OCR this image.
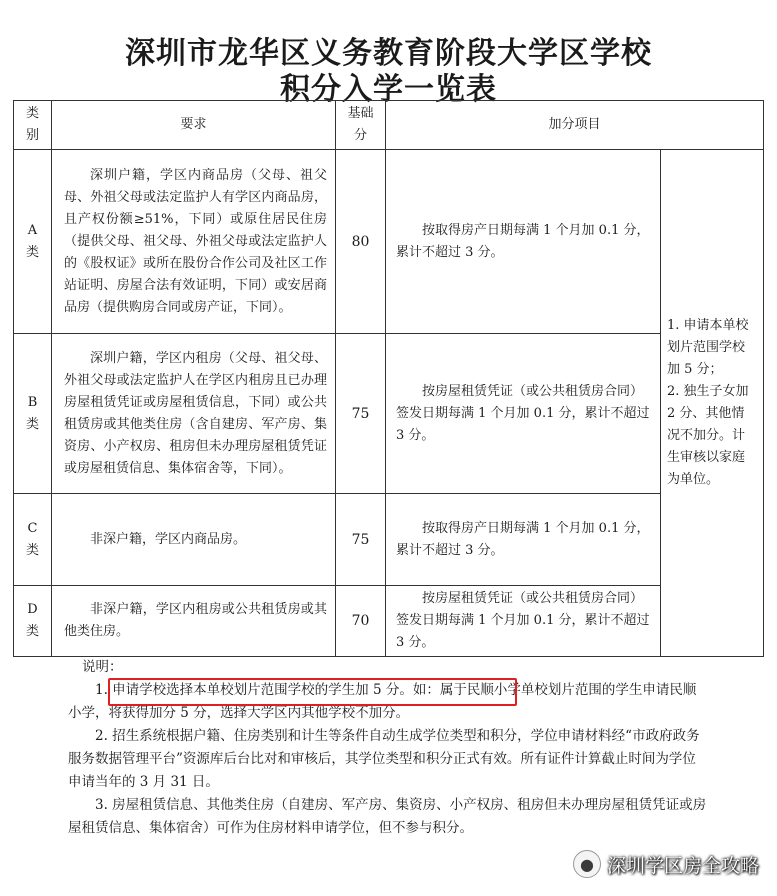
深圳市龙华区义务教育阶段大学区学校
积分入学一览表
类别	要求	基础分	加分项目	

A类	深圳户籍，学区内商品房（父母、祖父母、外祖父母或法定监护人有学区内商品房，且产权份额≥51%，下同）或原住居民住房（提供父母、祖父母、外祖父母或法定监护人的《股权证》或所在股份合作公司及社区工作站证明、房屋合法有效证明，下同）或安居商品房（提供购房合同或房产证，下同）。	80	按取得房产日期每满 1 个月加 0.1 分，累计不超过 3 分。	1. 申请本单校划片范围学校加 5 分；
2. 独生子女加 2 分、其他情况不加分。计生审核以家庭为单位。

B类	深圳户籍，学区内租房（父母、祖父母、外祖父母或法定监护人在学区内租房且已办理房屋租赁凭证或房屋租赁信息，下同）或公共租赁房或其他类住房（含自建房、军产房、集资房、小产权房、租房但未办理房屋租赁凭证或房屋租赁信息、集体宿舍等，下同）。	75	按房屋租赁凭证（或公共租赁房合同）签发日期每满 1 个月加 0.1 分，累计不超过 3 分。	

C类	非深户籍，学区内商品房。	75	按取得房产日期每满 1 个月加 0.1 分，累计不超过 3 分。	

D类	非深户籍，学区内租房或公共租赁房或其他类住房。	70	按房屋租赁凭证（或公共租赁房合同）签发日期每满 1 个月加 0.1 分，累计不超过 3 分。	

说明：

1. 申请学校选择本单校划片范围学校的学生加 5 分。如：属于民顺小学单校划片范围的学生申请民顺小学，将获得加分 5 分，选择大学区内其他学校不加分。

2. 招生系统根据户籍、住房类别和计生等条件自动生成学位类型和积分，学位申请材料经“市政府政务服务数据管理平台”资源库后台比对和审核后，其学位类型和积分正式有效。所有证件计算截止时间为学位申请当年的 3 月 31 日。

3. 房屋租赁信息、其他类住房（自建房、军产房、集资房、小产权房、租房但未办理房屋租赁凭证或房屋租赁信息、集体宿舍）可作为住房材料申请学位，但不参与积分。

● 深圳学区房全攻略
